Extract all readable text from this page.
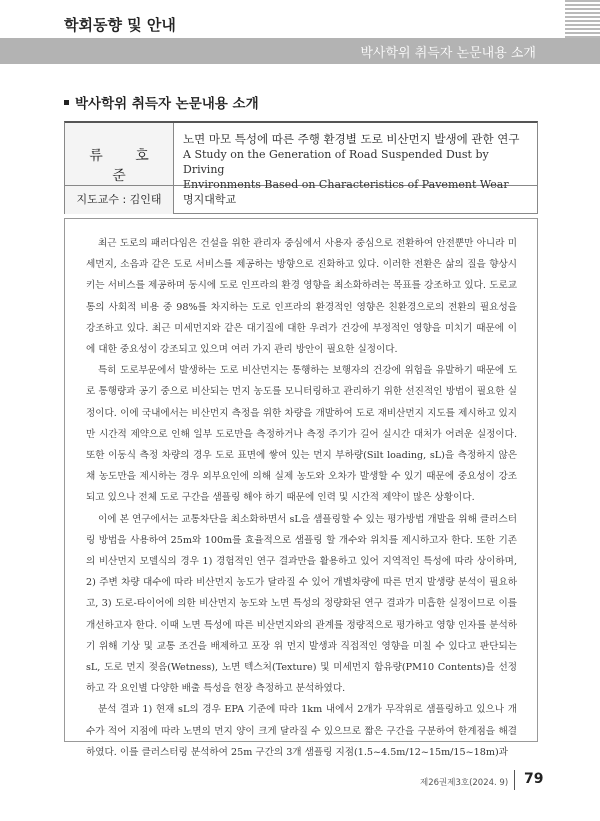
학회동향 및 안내
박사학위 취득자 논문내용 소개
박사학위 취득자 논문내용 소개
류 호 준
노면 마모 특성에 따른 주행 환경별 도로 비산먼지 발생에 관한 연구
A Study on the Generation of Road Suspended Dust by Driving
Environments Based on Characteristics of Pavement Wear
지도교수 : 김인태	명지대학교

최근 도로의 패러다임은 건설을 위한 관리자 중심에서 사용자 중심으로 전환하여 안전뿐만 아니라 미세먼지, 소음과 같은 도로 서비스를 제공하는 방향으로 진화하고 있다. 이러한 전환은 삶의 질을 향상시키는 서비스를 제공하며 동시에 도로 인프라의 환경 영향을 최소화하려는 목표를 강조하고 있다. 도로교통의 사회적 비용 중 98%를 차지하는 도로 인프라의 환경적인 영향은 친환경으로의 전환의 필요성을 강조하고 있다. 최근 미세먼지와 같은 대기질에 대한 우려가 건강에 부정적인 영향을 미치기 때문에 이에 대한 중요성이 강조되고 있으며 여러 가지 관리 방안이 필요한 실정이다.

특히 도로부문에서 발생하는 도로 비산먼지는 통행하는 보행자의 건강에 위험을 유발하기 때문에 도로 통행량과 공기 중으로 비산되는 먼지 농도를 모니터링하고 관리하기 위한 선진적인 방법이 필요한 실정이다. 이에 국내에서는 비산먼지 측정을 위한 차량을 개발하여 도로 재비산먼지 지도를 제시하고 있지만 시간적 제약으로 인해 일부 도로만을 측정하거나 측정 주기가 길어 실시간 대처가 어려운 실정이다. 또한 이동식 측정 차량의 경우 도로 표면에 쌓여 있는 먼지 부하량(Silt loading, sL)을 측정하지 않은 채 농도만을 제시하는 경우 외부요인에 의해 실제 농도와 오차가 발생할 수 있기 때문에 중요성이 강조되고 있으나 전체 도로 구간을 샘플링 해야 하기 때문에 인력 및 시간적 제약이 많은 상황이다.

이에 본 연구에서는 교통차단을 최소화하면서 sL을 샘플링할 수 있는 평가방법 개발을 위해 클러스터링 방법을 사용하여 25m와 100m를 효율적으로 샘플링 할 개수와 위치를 제시하고자 한다. 또한 기존의 비산먼지 모델식의 경우 1) 경험적인 연구 결과만을 활용하고 있어 지역적인 특성에 따라 상이하며, 2) 주변 차량 대수에 따라 비산먼지 농도가 달라질 수 있어 개별차량에 따른 먼지 발생량 분석이 필요하고, 3) 도로-타이어에 의한 비산먼지 농도와 노면 특성의 정량화된 연구 결과가 미흡한 실정이므로 이를 개선하고자 한다. 이때 노면 특성에 따른 비산먼지와의 관계를 정량적으로 평가하고 영향 인자를 분석하기 위해 기상 및 교통 조건을 배제하고 포장 위 먼지 발생과 직접적인 영향을 미칠 수 있다고 판단되는 sL, 도로 먼지 젖음(Wetness), 노면 텍스처(Texture) 및 미세먼지 함유량(PM10 Contents)을 선정하고 각 요인별 다양한 배출 특성을 현장 측정하고 분석하였다.

분석 결과 1) 현재 sL의 경우 EPA 기준에 따라 1km 내에서 2개가 무작위로 샘플링하고 있으나 개수가 적어 지점에 따라 노면의 먼지 양이 크게 달라질 수 있으므로 짧은 구간을 구분하여 한계점을 해결하였다. 이를 클러스터링 분석하여 25m 구간의 3개 샘플링 지점(1.5~4.5m/12~15m/15~18m)과

제26권제3호(2024. 9) 79
